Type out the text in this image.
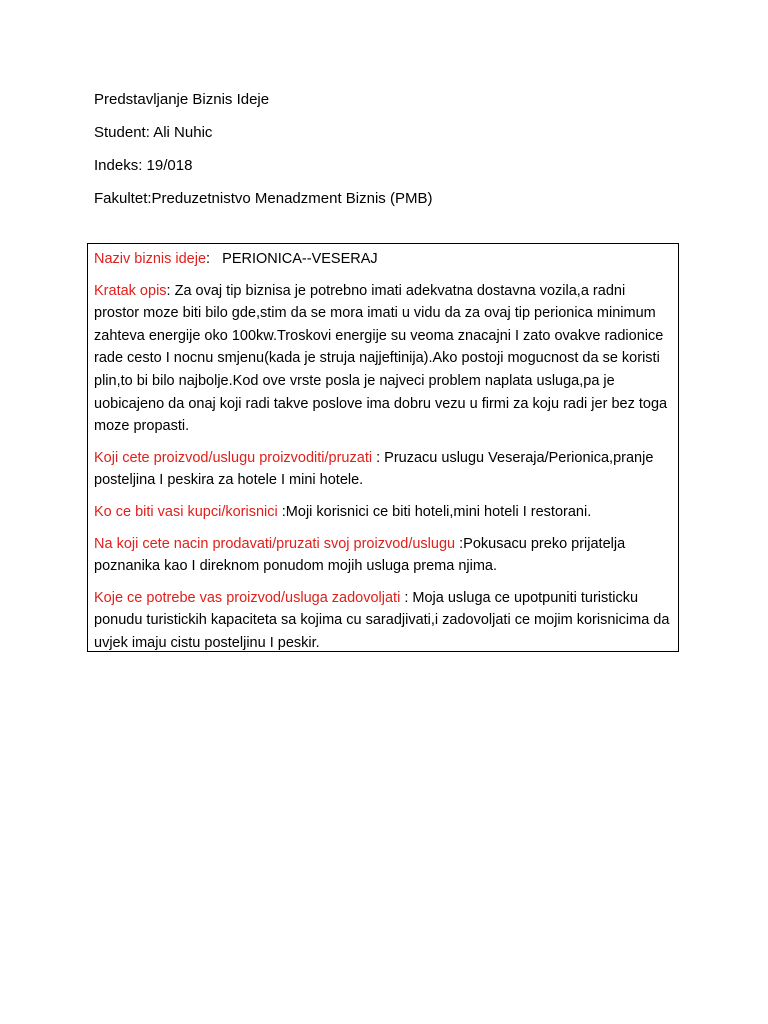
Predstavljanje Biznis Ideje

Student: Ali Nuhic

Indeks: 19/018

Fakultet:Preduzetnistvo Menadzment Biznis (PMB)

Naziv biznis ideje:   PERIONICA--VESERAJ

Kratak opis: Za ovaj tip biznisa je potrebno imati adekvatna dostavna vozila,a radni prostor moze biti bilo gde,stim da se mora imati u vidu da za ovaj tip perionica minimum zahteva energije oko 100kw.Troskovi energije su veoma znacajni I zato ovakve radionice rade cesto I nocnu smjenu(kada je struja najjeftinija).Ako postoji mogucnost da se koristi plin,to bi bilo najbolje.Kod ove vrste posla je najveci problem naplata usluga,pa je uobicajeno da onaj koji radi takve poslove ima dobru vezu u firmi za koju radi jer bez toga moze propasti.

Koji cete proizvod/uslugu proizvoditi/pruzati : Pruzacu uslugu Veseraja/Perionica,pranje posteljina I peskira za hotele I mini hotele.

Ko ce biti vasi kupci/korisnici :Moji korisnici ce biti hoteli,mini hoteli I restorani.

Na koji cete nacin prodavati/pruzati svoj proizvod/uslugu :Pokusacu preko prijatelja poznanika kao I direknom ponudom mojih usluga prema njima.

Koje ce potrebe vas proizvod/usluga zadovoljati : Moja usluga ce upotpuniti turisticku ponudu turistickih kapaciteta sa kojima cu saradjivati,i zadovoljati ce mojim korisnicima da uvjek imaju cistu posteljinu I peskir.
